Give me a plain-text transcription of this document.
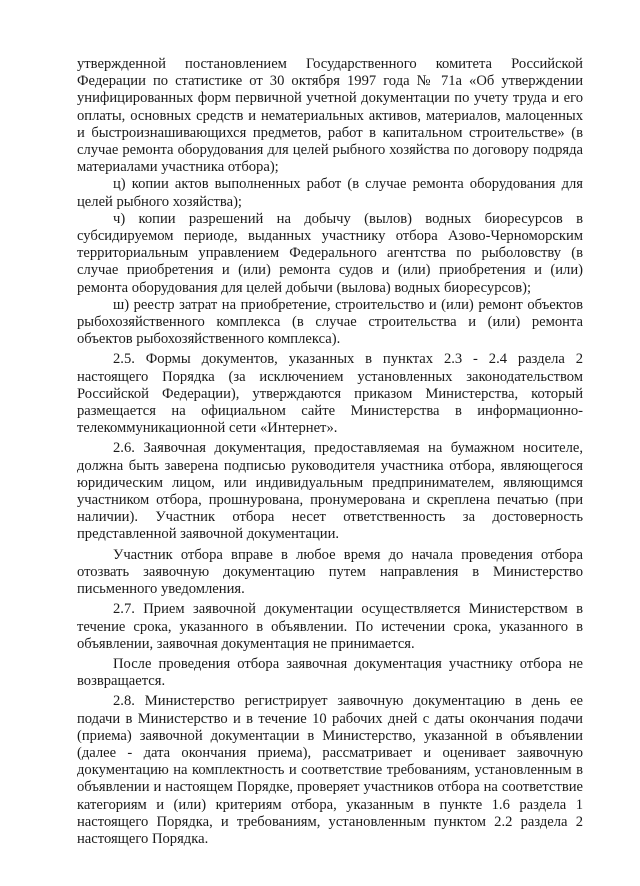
утвержденной постановлением Государственного комитета Российской Федерации по статистике от 30 октября 1997 года № 71а «Об утверждении унифицированных форм первичной учетной документации по учету труда и его оплаты, основных средств и нематериальных активов, материалов, малоценных и быстроизнашивающихся предметов, работ в капитальном строительстве» (в случае ремонта оборудования для целей рыбного хозяйства по договору подряда материалами участника отбора);

ц) копии актов выполненных работ (в случае ремонта оборудования для целей рыбного хозяйства);

ч) копии разрешений на добычу (вылов) водных биоресурсов в субсидируемом периоде, выданных участнику отбора Азово-Черноморским территориальным управлением Федерального агентства по рыболовству (в случае приобретения и (или) ремонта судов и (или) приобретения и (или) ремонта оборудования для целей добычи (вылова) водных биоресурсов);

ш) реестр затрат на приобретение, строительство и (или) ремонт объектов рыбохозяйственного комплекса (в случае строительства и (или) ремонта объектов рыбохозяйственного комплекса).

2.5. Формы документов, указанных в пунктах 2.3 - 2.4 раздела 2 настоящего Порядка (за исключением установленных законодательством Российской Федерации), утверждаются приказом Министерства, который размещается на официальном сайте Министерства в информационно-телекоммуникационной сети «Интернет».

2.6. Заявочная документация, предоставляемая на бумажном носителе, должна быть заверена подписью руководителя участника отбора, являющегося юридическим лицом, или индивидуальным предпринимателем, являющимся участником отбора, прошнурована, пронумерована и скреплена печатью (при наличии). Участник отбора несет ответственность за достоверность представленной заявочной документации.

Участник отбора вправе в любое время до начала проведения отбора отозвать заявочную документацию путем направления в Министерство письменного уведомления.

2.7. Прием заявочной документации осуществляется Министерством в течение срока, указанного в объявлении. По истечении срока, указанного в объявлении, заявочная документация не принимается.

После проведения отбора заявочная документация участнику отбора не возвращается.

2.8. Министерство регистрирует заявочную документацию в день ее подачи в Министерство и в течение 10 рабочих дней с даты окончания подачи (приема) заявочной документации в Министерство, указанной в объявлении (далее - дата окончания приема), рассматривает и оценивает заявочную документацию на комплектность и соответствие требованиям, установленным в объявлении и настоящем Порядке, проверяет участников отбора на соответствие категориям и (или) критериям отбора, указанным в пункте 1.6 раздела 1 настоящего Порядка, и требованиям, установленным пунктом 2.2 раздела 2 настоящего Порядка.
